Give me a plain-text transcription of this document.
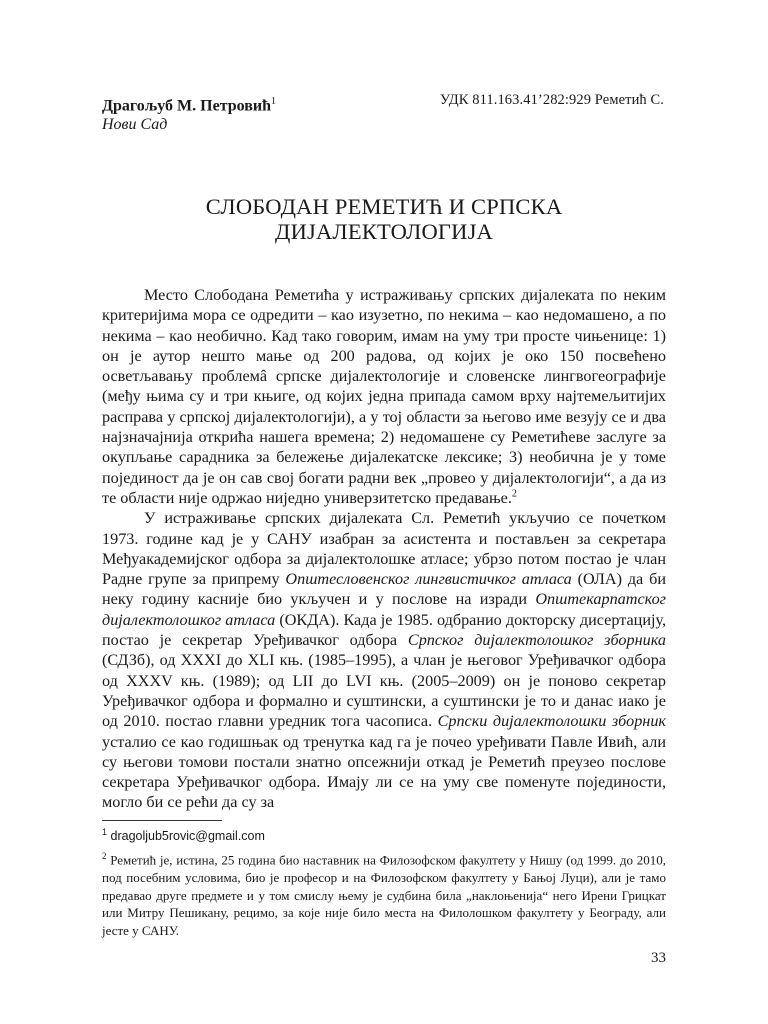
Драгољуб М. Петровић$^1$
Нови Сад
УДК 811.163.41’282:929 Реметић С.
СЛОБОДАН РЕМЕТИЋ И СРПСКА
ДИЈАЛЕКТОЛОГИЈА

Место Слободана Реметића у истраживању српских дијалеката по неким критеријима мора се одредити – као изузетно, по некима – као недомашено, а по некима – као необично. Кад тако говорим, имам на уму три просте чињенице: 1) он је аутор нешто мање од 200 радова, од којих је око 150 посвећено осветљавању проблемâ српске дијалектологије и словенске лингвогеографије (међу њима су и три књиге, од којих једна припада самом врху најтемељитијих расправа у српској дијалектологији), а у тој области за његово име везују се и два најзначајнија открића нашега времена; 2) недомашене су Реметићеве заслуге за окупљање сарадника за бележење дијалекатске лексике; 3) необична је у томе појединост да је он сав свој богати радни век „провео у дијалектологији“, а да из те области није одржао ниједно универзитетско предавање.$^2$

У истраживање српских дијалеката Сл. Реметић укључио се почетком 1973. године кад је у САНУ изабран за асистента и постављен за секретара Међуакадемијског одбора за дијалектолошке атласе; убрзо потом постао је члан Радне групе за припрему Општесловенског лингвистичког атласа (ОЛА) да би неку годину касније био укључен и у послове на изради Општекарпатског дијалектолошког атласа (ОКДА). Када је 1985. одбранио докторску дисертацију, постао је секретар Уређивачког одбора Српског дијалектолошког зборника (СДЗб), од XXXI до XLI књ. (1985–1995), а члан је његовог Уређивачког одбора од XXXV књ. (1989); од LII до LVI књ. (2005–2009) он је поново секретар Уређивачког одбора и формално и суштински, а суштински је то и данас иако је од 2010. постао главни уредник тога часописа. Српски дијалектолошки зборник усталио се као годишњак од тренутка кад га је почео уређивати Павле Ивић, али су његови томови постали знатно опсежнији откад је Реметић преузео послове секретара Уређивачког одбора. Имају ли се на уму све поменуте појединости, могло би се рећи да су за

$^1$ dragoljub5rovic@gmail.com
$^2$ Реметић је, истина, 25 година био наставник на Филозофском факултету у Нишу (од 1999. до 2010, под посебним условима, био је професор и на Филозофском факултету у Бањој Луци), али је тамо предавао друге предмете и у том смислу њему је судбина била „наклоњенија“ него Ирени Грицкат или Митру Пешикану, рецимо, за које није било места на Филолошком факултету у Београду, али јесте у САНУ.
33
